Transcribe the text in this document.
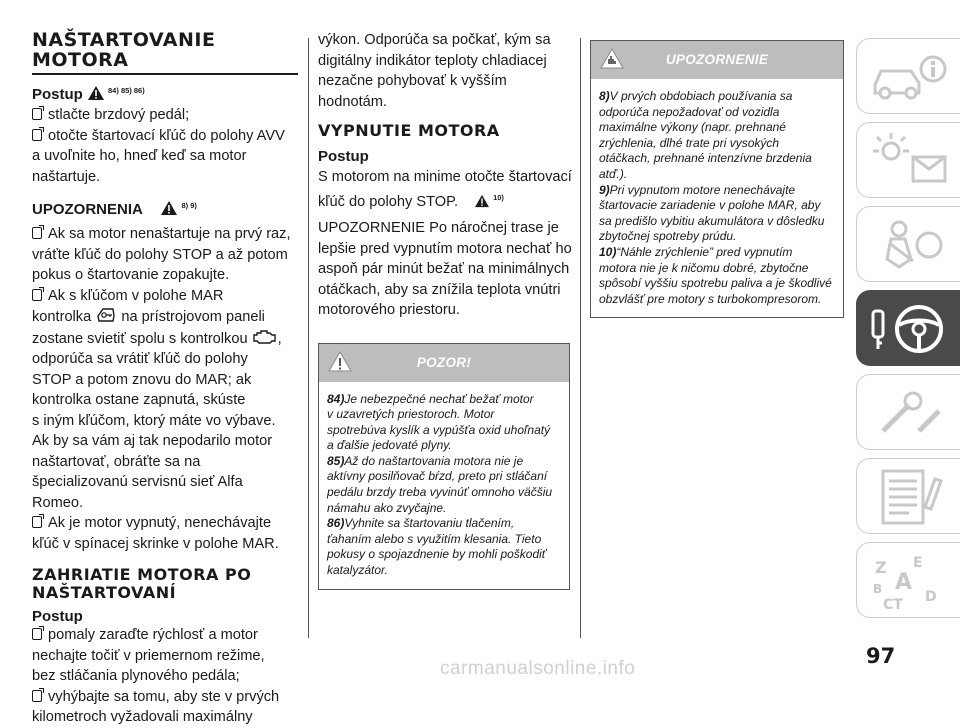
NAŠTARTOVANIE
MOTORA
Postup	$^{84) 85) 86)}$
stlačte brzdový pedál;
otočte štartovací kľúč do polohy AVV
a uvoľnite ho, hneď keď sa motor
naštartuje.
UPOZORNENIA	$^{8) 9)}$
Ak sa motor nenaštartuje na prvý raz,
vráťte kľúč do polohy STOP a až potom
pokus o štartovanie zopakujte.
Ak s kľúčom v polohe MAR
kontrolka na prístrojovom paneli
zostane svietiť spolu s kontrolkou ,
odporúča sa vrátiť kľúč do polohy
STOP a potom znovu do MAR; ak
kontrolka ostane zapnutá, skúste
s iným kľúčom, ktorý máte vo výbave.
Ak by sa vám aj tak nepodarilo motor
naštartovať, obráťte sa na
špecializovanú servisnú sieť Alfa
Romeo.
Ak je motor vypnutý, nenechávajte
kľúč v spínacej skrinke v polohe MAR.
ZAHRIATIE MOTORA PO
NAŠTARTOVANÍ
Postup
pomaly zaraďte rýchlosť a motor
nechajte točiť v priemernom režime,
bez stláčania plynového pedála;
vyhýbajte sa tomu, aby ste v prvých
kilometroch vyžadovali maximálny
výkon. Odporúča sa počkať, kým sa
digitálny indikátor teploty chladiacej
nezačne pohybovať k vyšším
hodnotám.
VYPNUTIE MOTORA
Postup
S motorom na minime otočte štartovací
kľúč do polohy STOP.	$^{10)}$
UPOZORNENIE Po náročnej trase je
lepšie pred vypnutím motora nechať ho
aspoň pár minút bežať na minimálnych
otáčkach, aby sa znížila teplota vnútri
motorového priestoru.
POZOR!
84)Je nebezpečné nechať bežať motor
v uzavretých priestoroch. Motor
spotrebúva kyslík a vypúšťa oxid uhoľnatý
a ďalšie jedovaté plyny.
85)Až do naštartovania motora nie je
aktívny posilňovač bŕzd, preto pri stláčaní
pedálu brzdy treba vyvinúť omnoho väčšiu
námahu ako zvyčajne.
86)Vyhnite sa štartovaniu tlačením,
ťahaním alebo s využitím klesania. Tieto
pokusy o spojazdnenie by mohli poškodiť
katalyzátor.
UPOZORNENIE
8)V prvých obdobiach používania sa
odporúča nepožadovať od vozidla
maximálne výkony (napr. prehnané
zrýchlenia, dlhé trate pri vysokých
otáčkach, prehnané intenzívne brzdenia
atď.).
9)Pri vypnutom motore nenechávajte
štartovacie zariadenie v polohe MAR, aby
sa predišlo vybitiu akumulátora v dôsledku
zbytočnej spotreby prúdu.
10)“Náhle zrýchlenie” pred vypnutím
motora nie je k ničomu dobré, zbytočne
spôsobí vyššiu spotrebu paliva a je škodlivé
obzvlášť pre motory s turbokompresorom.
Z E
B A
CT D
97
carmanualsonline.info
